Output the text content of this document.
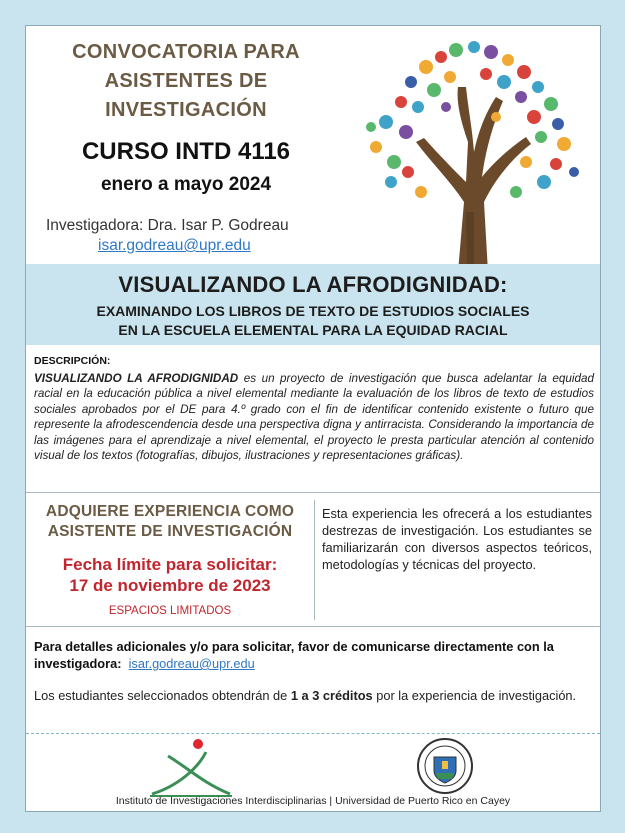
CONVOCATORIA PARA
ASISTENTES DE
INVESTIGACIÓN
CURSO INTD 4116
enero a mayo 2024
Investigadora: Dra. Isar P. Godreau
isar.godreau@upr.edu
VISUALIZANDO LA AFRODIGNIDAD:
EXAMINANDO LOS LIBROS DE TEXTO DE ESTUDIOS SOCIALES
EN LA ESCUELA ELEMENTAL PARA LA EQUIDAD RACIAL
DESCRIPCIÓN:
VISUALIZANDO LA AFRODIGNIDAD es un proyecto de investigación que busca adelantar la equidad racial en la educación pública a nivel elemental mediante la evaluación de los libros de texto de estudios sociales aprobados por el DE para 4.º grado con el fin de identificar contenido existente o futuro que represente la afrodescendencia desde una perspectiva digna y antirracista. Considerando la importancia de las imágenes para el aprendizaje a nivel elemental, el proyecto le presta particular atención al contenido visual de los textos (fotografías, dibujos, ilustraciones y representaciones gráficas).
ADQUIERE EXPERIENCIA COMO
ASISTENTE DE INVESTIGACIÓN
Fecha límite para solicitar:
17 de noviembre de 2023
ESPACIOS LIMITADOS
Esta experiencia les ofrecerá a los estudiantes destrezas de investigación. Los estudiantes se familiarizarán con diversos aspectos teóricos, metodologías y técnicas del proyecto.
Para detalles adicionales y/o para solicitar, favor de comunicarse directamente con la investigadora: isar.godreau@upr.edu
Los estudiantes seleccionados obtendrán de 1 a 3 créditos por la experiencia de investigación.
Instituto de Investigaciones Interdisciplinarias | Universidad de Puerto Rico en Cayey
